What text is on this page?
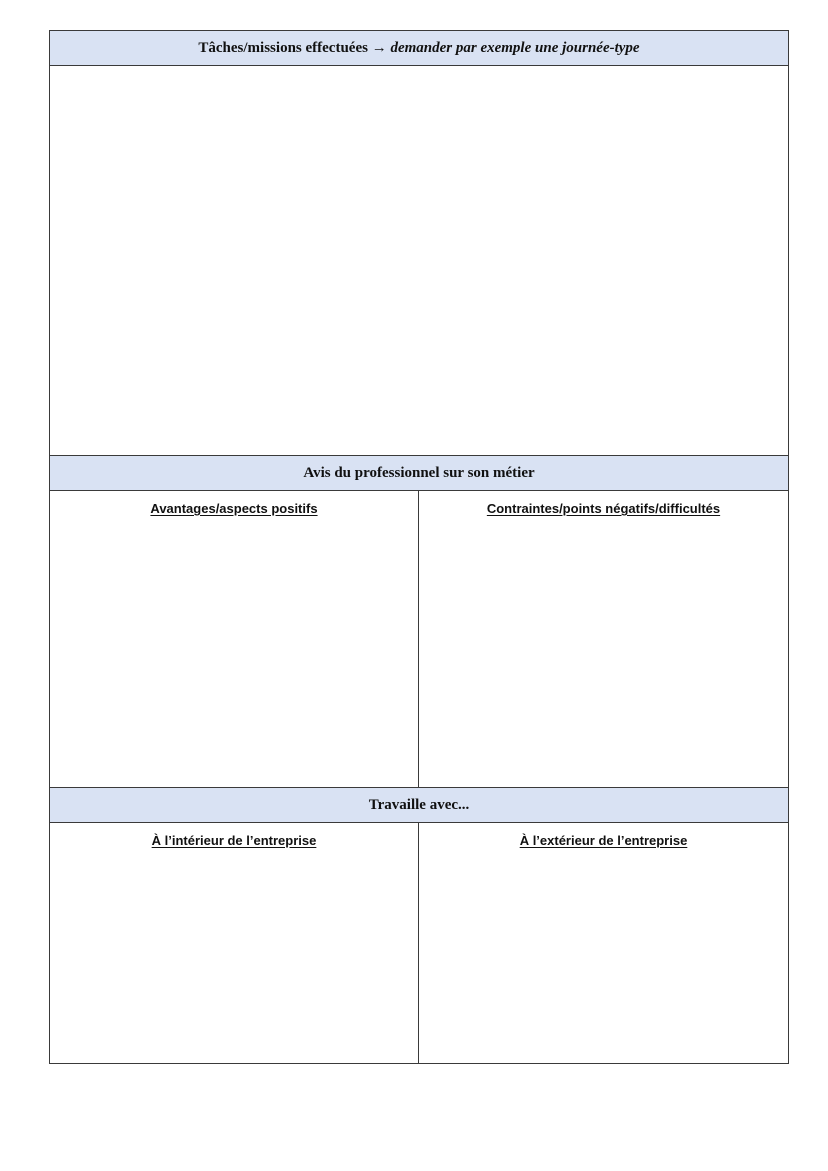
Tâches/missions effectuées → demander par exemple une journée-type
Avis du professionnel sur son métier
Avantages/aspects positifs	Contraintes/points négatifs/difficultés
Travaille avec...
À l’intérieur de l’entreprise	À l’extérieur de l’entreprise
